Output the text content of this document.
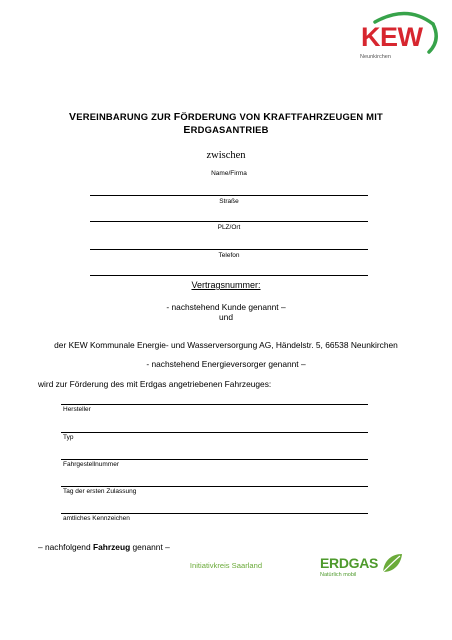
KEW
Neunkirchen
VEREINBARUNG ZUR FÖRDERUNG VON KRAFTFAHRZEUGEN MIT
ERDGASANTRIEB
zwischen
Name/Firma
Straße
PLZ/Ort
Telefon
Vertragsnummer:
- nachstehend Kunde genannt –
und
der KEW Kommunale Energie- und Wasserversorgung AG, Händelstr. 5, 66538 Neunkirchen
- nachstehend Energieversorger genannt –
wird zur Förderung des mit Erdgas angetriebenen Fahrzeuges:
Hersteller
Typ
Fahrgestellnummer
Tag der ersten Zulassung
amtliches Kennzeichen
– nachfolgend Fahrzeug genannt –
Initiativkreis Saarland	ERDGAS
Natürlich mobil
